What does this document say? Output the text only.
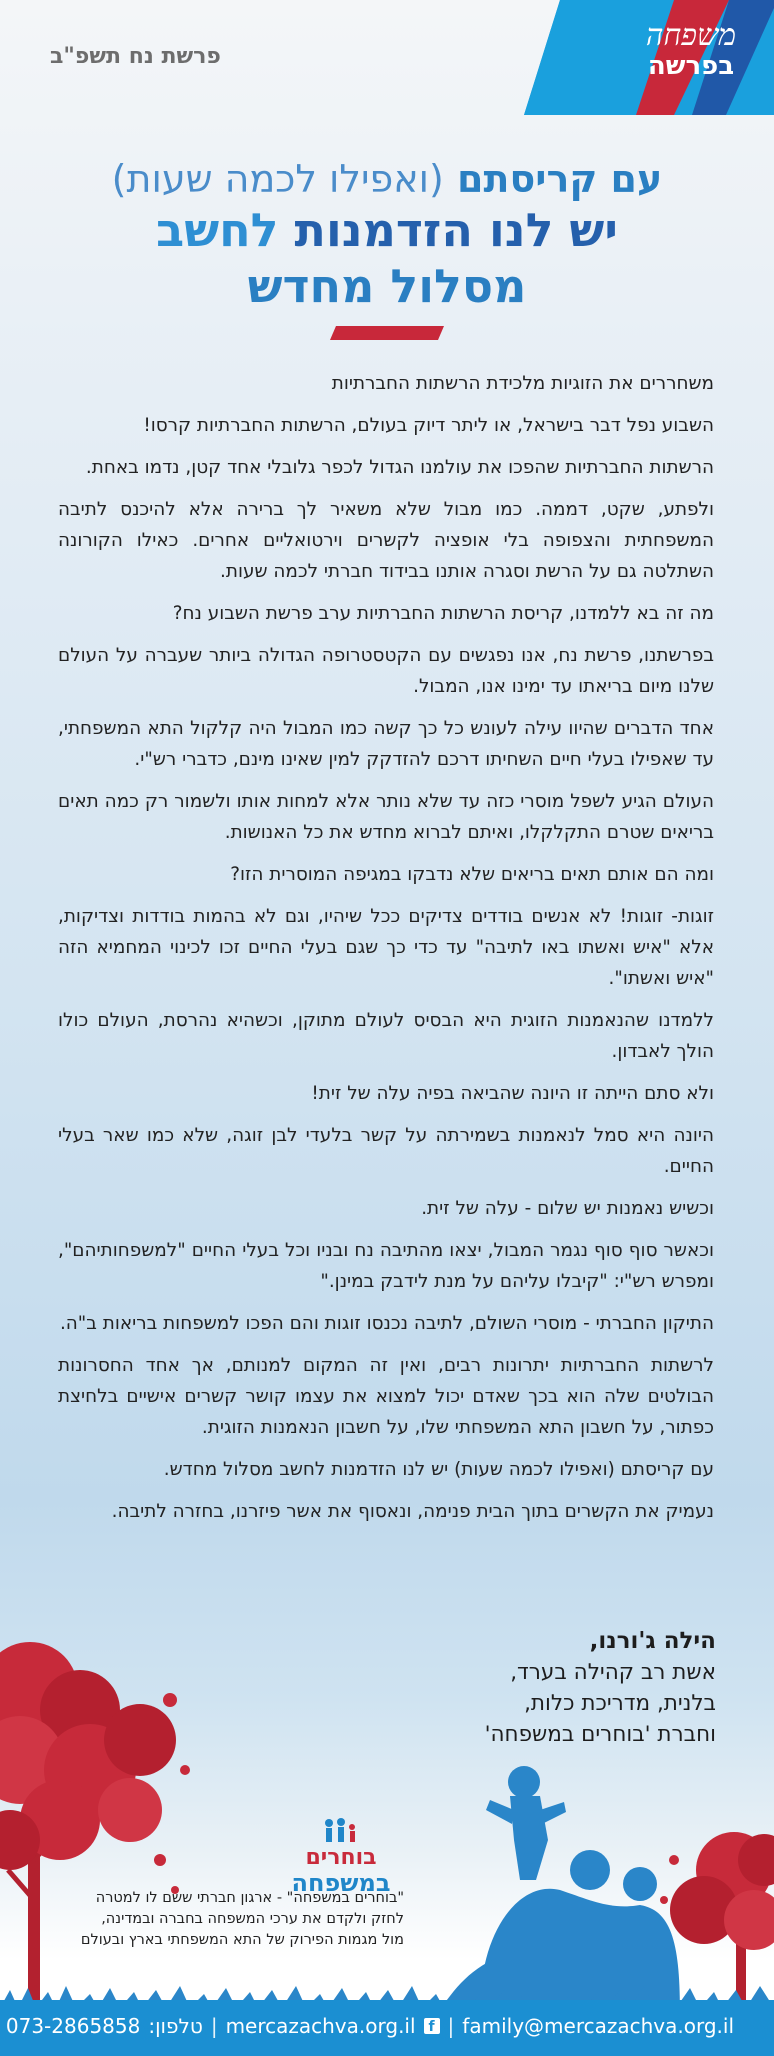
משפחה
בפרשה
פרשת נח תשפ"ב
עם קריסתם (ואפילו לכמה שעות)
יש לנו הזדמנות לחשב
מסלול מחדש

משחררים את הזוגיות מלכידת הרשתות החברתיות

השבוע נפל דבר בישראל, או ליתר דיוק בעולם, הרשתות החברתיות קרסו!

הרשתות החברתיות שהפכו את עולמנו הגדול לכפר גלובלי אחד קטן, נדמו באחת.

ולפתע, שקט, דממה. כמו מבול שלא משאיר לך ברירה אלא להיכנס לתיבה המשפחתית והצפופה בלי אופציה לקשרים וירטואליים אחרים. כאילו הקורונה השתלטה גם על הרשת וסגרה אותנו בבידוד חברתי לכמה שעות.

מה זה בא ללמדנו, קריסת הרשתות החברתיות ערב פרשת השבוע נח?

בפרשתנו, פרשת נח, אנו נפגשים עם הקטסטרופה הגדולה ביותר שעברה על העולם שלנו מיום בריאתו עד ימינו אנו, המבול.

אחד הדברים שהיוו עילה לעונש כל כך קשה כמו המבול היה קלקול התא המשפחתי, עד שאפילו בעלי חיים השחיתו דרכם להזדקק למין שאינו מינם, כדברי רש"י.

העולם הגיע לשפל מוסרי כזה עד שלא נותר אלא למחות אותו ולשמור רק כמה תאים בריאים שטרם התקלקלו, ואיתם לברוא מחדש את כל האנושות.

ומה הם אותם תאים בריאים שלא נדבקו במגיפה המוסרית הזו?

זוגות- זוגות! לא אנשים בודדים צדיקים ככל שיהיו, וגם לא בהמות בודדות וצדיקות, אלא "איש ואשתו באו לתיבה" עד כדי כך שגם בעלי החיים זכו לכינוי המחמיא הזה "איש ואשתו".

ללמדנו שהנאמנות הזוגית היא הבסיס לעולם מתוקן, וכשהיא נהרסת, העולם כולו הולך לאבדון.

ולא סתם הייתה זו היונה שהביאה בפיה עלה של זית!

היונה היא סמל לנאמנות בשמירתה על קשר בלעדי לבן זוגה, שלא כמו שאר בעלי החיים.

וכשיש נאמנות יש שלום - עלה של זית.

וכאשר סוף סוף נגמר המבול, יצאו מהתיבה נח ובניו וכל בעלי החיים "למשפחותיהם", ומפרש רש"י: "קיבלו עליהם על מנת לידבק במינן."

התיקון החברתי - מוסרי השולם, לתיבה נכנסו זוגות והם הפכו למשפחות בריאות ב"ה.

לרשתות החברתיות יתרונות רבים, ואין זה המקום למנותם, אך אחד החסרונות הבולטים שלה הוא בכך שאדם יכול למצוא את עצמו קושר קשרים אישיים בלחיצת כפתור, על חשבון התא המשפחתי שלו, על חשבון הנאמנות הזוגית.

עם קריסתם (ואפילו לכמה שעות) יש לנו הזדמנות לחשב מסלול מחדש.

נעמיק את הקשרים בתוך הבית פנימה, ונאסוף את אשר פיזרנו, בחזרה לתיבה.

הילה ג'ורנו,
אשת רב קהילה בערד,
בלנית, מדריכת כלות,
וחברת 'בוחרים במשפחה'
בוחרים
במשפחה
"בוחרים במשפחה" - ארגון חברתי ששם לו למטרה
לחזק ולקדם את ערכי המשפחה בחברה ובמדינה,
מול מגמות הפירוק של התא המשפחתי בארץ ובעולם
family@mercazachva.org.il
|
f
mercazachva.org.il
|
טלפון:
073-2865858
